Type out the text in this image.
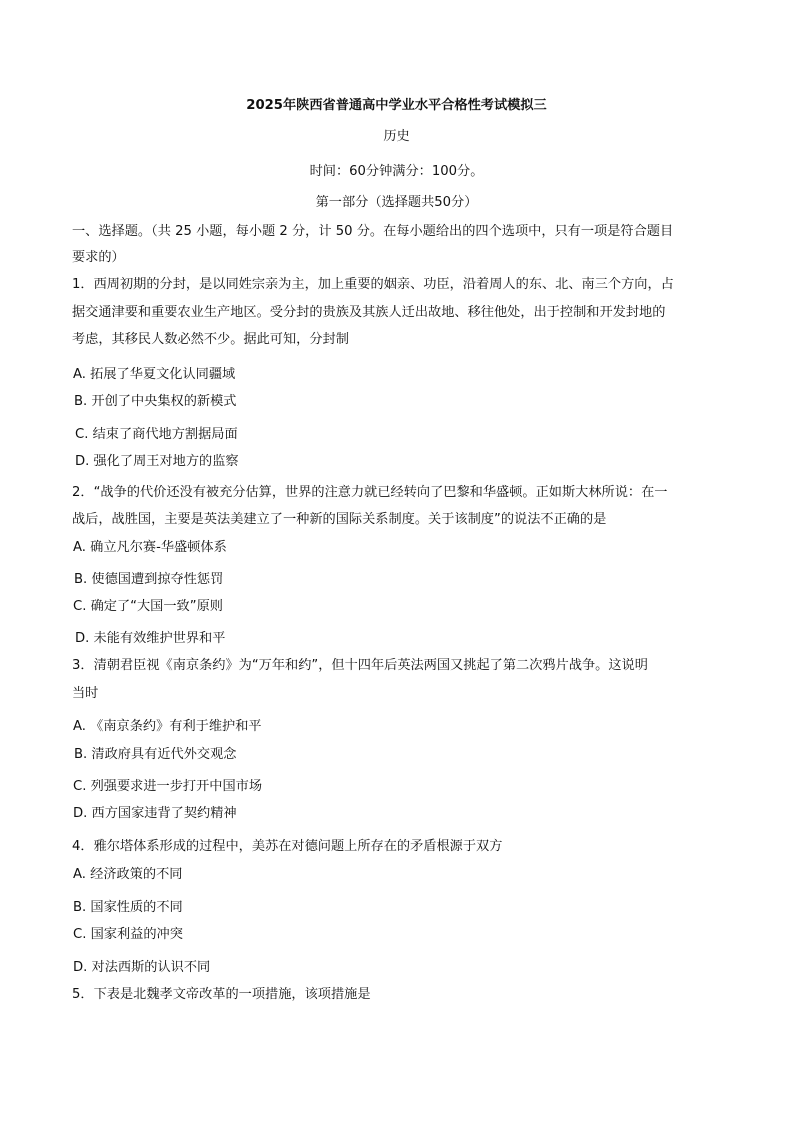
2025年陕西省普通高中学业水平合格性考试模拟三
历史
时间：60分钟满分：100分。
第一部分（选择题共50分）
一、选择题。（共 25 小题，每小题 2 分，计 50 分。在每小题给出的四个选项中，只有一项是符合题目
要求的）
1．西周初期的分封，是以同姓宗亲为主，加上重要的姻亲、功臣，沿着周人的东、北、南三个方向，占
据交通津要和重要农业生产地区。受分封的贵族及其族人迁出故地、移往他处，出于控制和开发封地的
考虑，其移民人数必然不少。据此可知，分封制
A. 拓展了华夏文化认同疆域
B. 开创了中央集权的新模式
C. 结束了商代地方割据局面
D. 强化了周王对地方的监察
2．“战争的代价还没有被充分估算，世界的注意力就已经转向了巴黎和华盛顿。正如斯大林所说：在一
战后，战胜国，主要是英法美建立了一种新的国际关系制度。关于该制度”的说法不正确的是
A. 确立凡尔赛-华盛顿体系
B. 使德国遭到掠夺性惩罚
C. 确定了“大国一致”原则
D. 未能有效维护世界和平
3．清朝君臣视《南京条约》为“万年和约”，但十四年后英法两国又挑起了第二次鸦片战争。这说明
当时
A. 《南京条约》有利于维护和平
B. 清政府具有近代外交观念
C. 列强要求进一步打开中国市场
D. 西方国家违背了契约精神
4．雅尔塔体系形成的过程中，美苏在对德问题上所存在的矛盾根源于双方
A. 经济政策的不同
B. 国家性质的不同
C. 国家利益的冲突
D. 对法西斯的认识不同
5．下表是北魏孝文帝改革的一项措施，该项措施是
